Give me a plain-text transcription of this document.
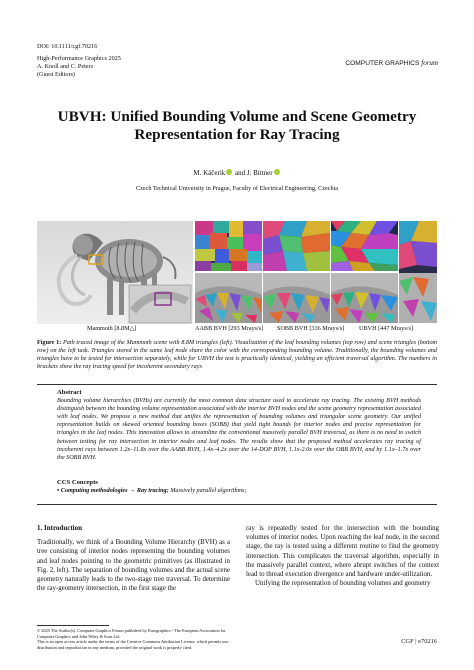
DOI: 10.1111/cgf.70216
High-Performance Graphics 2025
A. Knoll and C. Peters
(Guest Editors)
COMPUTER GRAPHICS forum
UBVH: Unified Bounding Volume and Scene Geometry
Representation for Ray Tracing
M. Káčerik and J. Bittner
Czech Technical University in Prague, Faculty of Electrical Engineering, Czechia
Mammoth [8.8M△]	AABB BVH [293 Mrays/s] SOBB BVH [336 Mrays/s] UBVH [447 Mrays/s]
Figure 1: Path traced image of the Mammoth scene with 8.8M triangles (left). Visualization of the leaf bounding volumes (top row) and scene triangles (bottom row) on the left tusk. Triangles stored in the same leaf node share the color with the corresponding bounding volume. Traditionally, the bounding volumes and triangles have to be tested for intersection separately, while for UBVH the test is practically identical, yielding an efficient traversal algorithm. The numbers in brackets show the ray tracing speed for incoherent secondary rays
Abstract
Bounding volume hierarchies (BVHs) are currently the most common data structure used to accelerate ray tracing. The existing BVH methods distinguish between the bounding volume representation associated with the interior BVH nodes and the scene geometry representation associated with leaf nodes. We propose a new method that unifies the representation of bounding volumes and triangular scene geometry. Our unified representation builds on skewed oriented bounding boxes (SOBB) that yield tight bounds for interior nodes and precise representation for triangles in the leaf nodes. This innovation allows to streamline the conventional massively parallel BVH traversal, as there is no need to switch between testing for ray intersection in interior nodes and leaf nodes. The results show that the proposed method accelerates ray tracing of incoherent rays between 1.2x–11.8x over the AABB BVH, 1.4x–4.2x over the 14-DOP BVH, 1.1x-2.0x over the OBB BVH, and by 1.1x–1.7x over the SOBB BVH.
CCS Concepts
• Computing methodologies → Ray tracing; Massively parallel algorithms;
1. Introduction

Traditionally, we think of a Bounding Volume Hierarchy (BVH) as a tree consisting of interior nodes representing the bounding volumes and leaf nodes pointing to the geometric primitives (as illustrated in Fig. 2, left). The separation of bounding volumes and the actual scene geometry naturally leads to the two-stage tree traversal. To determine the ray-geometry intersection, in the first stage the

ray is repeatedly tested for the intersection with the bounding volumes of interior nodes. Upon reaching the leaf node, in the second stage, the ray is tested using a different routine to find the geometry intersection. This complicates the traversal algorithm, especially in the massively parallel context, where abrupt switches of the context lead to thread execution divergence and hardware under-utilization.

Unifying the representation of bounding volumes and geometry

© 2025 The Author(s). Computer Graphics Forum published by Eurographics - The European Association for Computer Graphics and John Wiley & Sons Ltd.

This is an open access article under the terms of the Creative Commons Attribution License, which permits use, distribution and reproduction in any medium, provided the original work is properly cited.

CGF | e70216
